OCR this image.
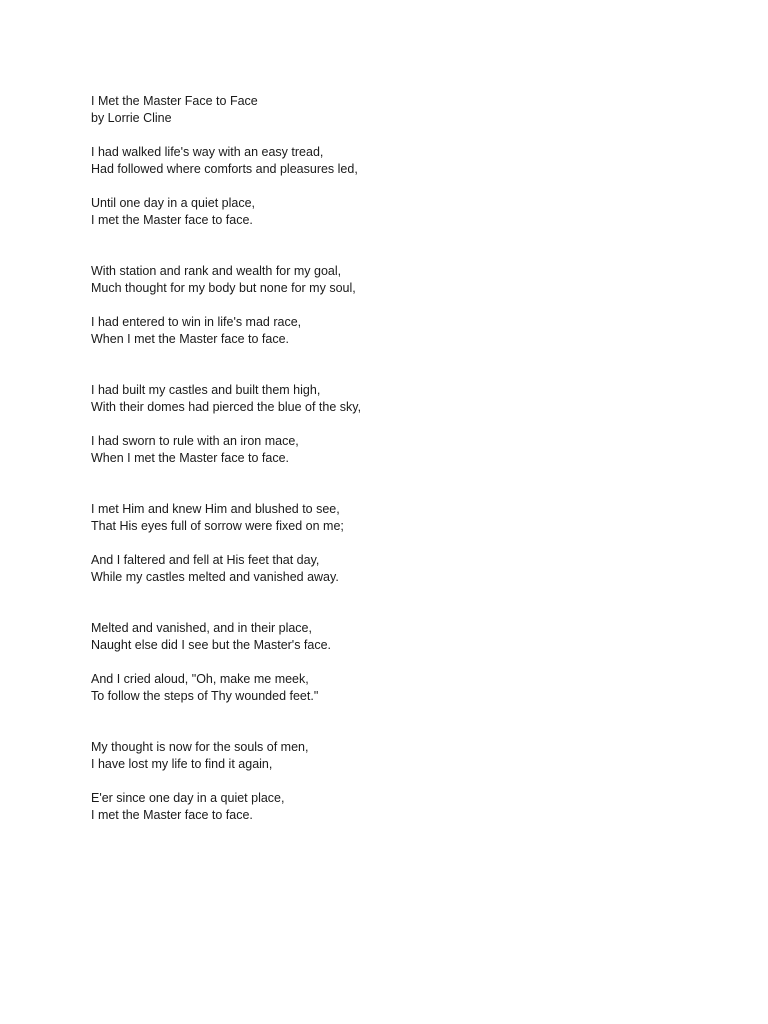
I Met the Master Face to Face
by Lorrie Cline
I had walked life's way with an easy tread,
Had followed where comforts and pleasures led,
Until one day in a quiet place,
I met the Master face to face.
With station and rank and wealth for my goal,
Much thought for my body but none for my soul,
I had entered to win in life's mad race,
When I met the Master face to face.
I had built my castles and built them high,
With their domes had pierced the blue of the sky,
I had sworn to rule with an iron mace,
When I met the Master face to face.
I met Him and knew Him and blushed to see,
That His eyes full of sorrow were fixed on me;
And I faltered and fell at His feet that day,
While my castles melted and vanished away.
Melted and vanished, and in their place,
Naught else did I see but the Master's face.
And I cried aloud, "Oh, make me meek,
To follow the steps of Thy wounded feet."
My thought is now for the souls of men,
I have lost my life to find it again,
E'er since one day in a quiet place,
I met the Master face to face.
